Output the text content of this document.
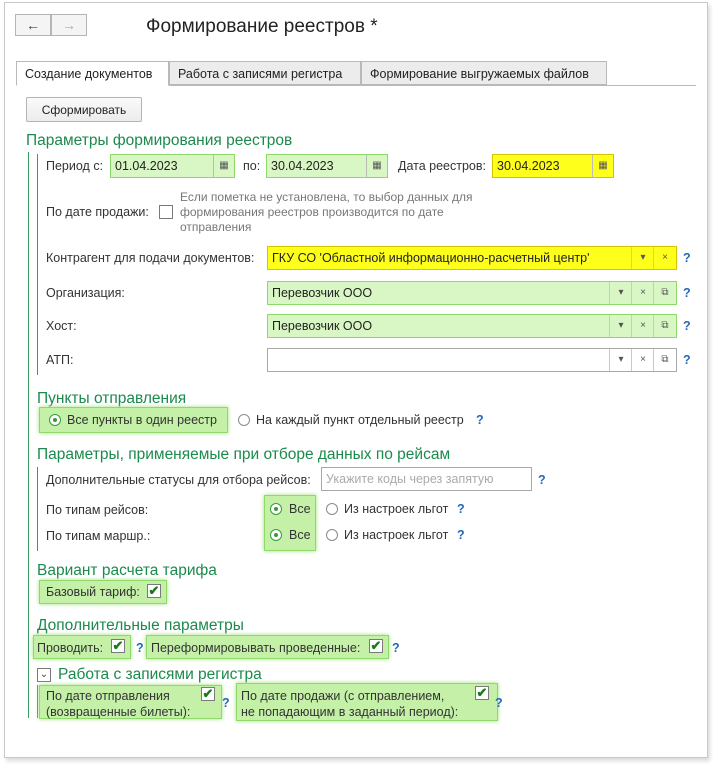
←	→	Формирование реестров *
Создание документов	Работа с записями регистра	Формирование выгружаемых файлов
Сформировать
Параметры формирования реестров
Период с: 01.04.2023	▦	по: 30.04.2023	▦	Дата реестров: 30.04.2023	▦
По дате продажи:
Если пометка не установлена, то выбор данных для формирования реестров производится по дате отправления
Контрагент для подачи документов:	ГКУ СО 'Областной информационно-расчетный центр'	▾	×	?
Организация:	Перевозчик ООО	▾	×	⧉	?
Хост:	Перевозчик ООО	▾	×	⧉	?
АТП:	▾	×	⧉	?
Пункты отправления
Все пункты в один реестр	На каждый пункт отдельный реестр ?
Параметры, применяемые при отборе данных по рейсам
Дополнительные статусы для отбора рейсов:	Укажите коды через запятую	?
По типам рейсов:	Все	Из настроек льгот ?
По типам маршр.:	Все	Из настроек льгот ?
Вариант расчета тарифа
Базовый тариф: ✔
Дополнительные параметры
Проводить: ✔ ? Переформировывать проведенные: ✔ ?
⌄ Работа с записями регистра
По дате отправления
(возвращенные билеты):
✔
? По дате продажи (с отправлением,
не попадающим в заданный период):
✔
?
